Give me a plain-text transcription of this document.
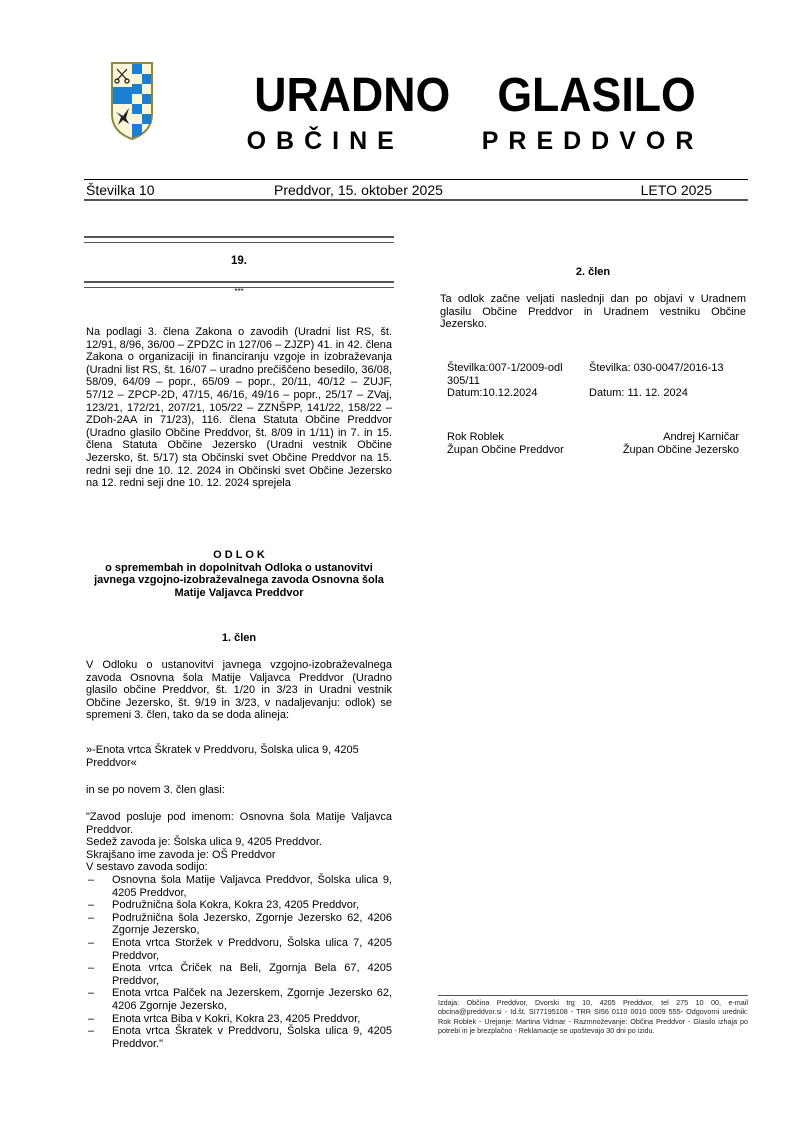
URADNO  GLASILO
OBČINE  PREDDVOR
Številka 10	Preddvor, 15. oktober 2025	LETO 2025
19.
***
Na podlagi 3. člena Zakona o zavodih (Uradni list RS, št. 12/91, 8/96, 36/00 – ZPDZC in 127/06 – ZJZP) 41. in 42. člena Zakona o organizaciji in financiranju vzgoje in izobraževanja (Uradni list RS, št. 16/07 – uradno prečiščeno besedilo, 36/08, 58/09, 64/09 – popr., 65/09 – popr., 20/11, 40/12 – ZUJF, 57/12 – ZPCP-2D, 47/15, 46/16, 49/16 – popr., 25/17 – ZVaj, 123/21, 172/21, 207/21, 105/22 – ZZNŠPP, 141/22, 158/22 – ZDoh-2AA in 71/23), 116. člena Statuta Občine Preddvor (Uradno glasilo Občine Preddvor, št. 8/09 in 1/11) in 7. in 15. člena Statuta Občine Jezersko (Uradni vestnik Občine Jezersko, št. 5/17) sta Občinski svet Občine Preddvor na 15. redni seji dne 10. 12. 2024 in Občinski svet Občine Jezersko na 12. redni seji dne 10. 12. 2024 sprejela
O D L O K
o spremembah in dopolnitvah Odloka o ustanovitvi javnega vzgojno-izobraževalnega zavoda Osnovna šola Matije Valjavca Preddvor
1. člen
V Odloku o ustanovitvi javnega vzgojno-izobraževalnega zavoda Osnovna šola Matije Valjavca Preddvor (Uradno glasilo občine Preddvor, št. 1/20 in 3/23 in Uradni vestnik Občine Jezersko, št. 9/19 in 3/23, v nadaljevanju: odlok) se spremeni 3. člen, tako da se doda alineja:
»-Enota vrtca Škratek v Preddvoru, Šolska ulica 9, 4205 Preddvor«
in se po novem 3. člen glasi:

"Zavod posluje pod imenom: Osnovna šola Matije Valjavca Preddvor.

Sedež zavoda je: Šolska ulica 9, 4205 Preddvor.

Skrajšano ime zavoda je: OŠ Preddvor

V sestavo zavoda sodijo:

– Osnovna šola Matije Valjavca Preddvor, Šolska ulica 9, 4205 Preddvor,
– Podružnična šola Kokra, Kokra 23, 4205 Preddvor,
– Podružnična šola Jezersko, Zgornje Jezersko 62, 4206 Zgornje Jezersko,
– Enota vrtca Storžek v Preddvoru, Šolska ulica 7, 4205 Preddvor,
– Enota vrtca Čriček na Beli, Zgornja Bela 67, 4205 Preddvor,
– Enota vrtca Palček na Jezerskem, Zgornje Jezersko 62, 4206 Zgornje Jezersko,
– Enota vrtca Biba v Kokri, Kokra 23, 4205 Preddvor,
– Enota vrtca Škratek v Preddvoru, Šolska ulica 9, 4205 Preddvor."
2. člen
Ta odlok začne veljati naslednji dan po objavi v Uradnem glasilu Občine Preddvor in Uradnem vestniku Občine Jezersko.

Številka:007-1/2009-odl305/11

Datum:10.12.2024

Številka: 030-0047/2016-13

Datum: 11. 12. 2024

Rok Roblek

Župan Občine Preddvor

Andrej Karničar

Župan Občine Jezersko

Izdaja: Občina Preddvor, Dvorski trg 10, 4205 Preddvor, tel 275 10 00, e-mail obcina@preddvor.si - Id.št. SI77195108 - TRR SI56 0110 0010 0009 555- Odgovorni urednik: Rok Roblek - Urejanje: Martina Vidmar - Razmnoževanje: Občina Preddvor - Glasilo izhaja po potrebi in je brezplačno - Reklamacije se upoštevajo 30 dni po izidu.
